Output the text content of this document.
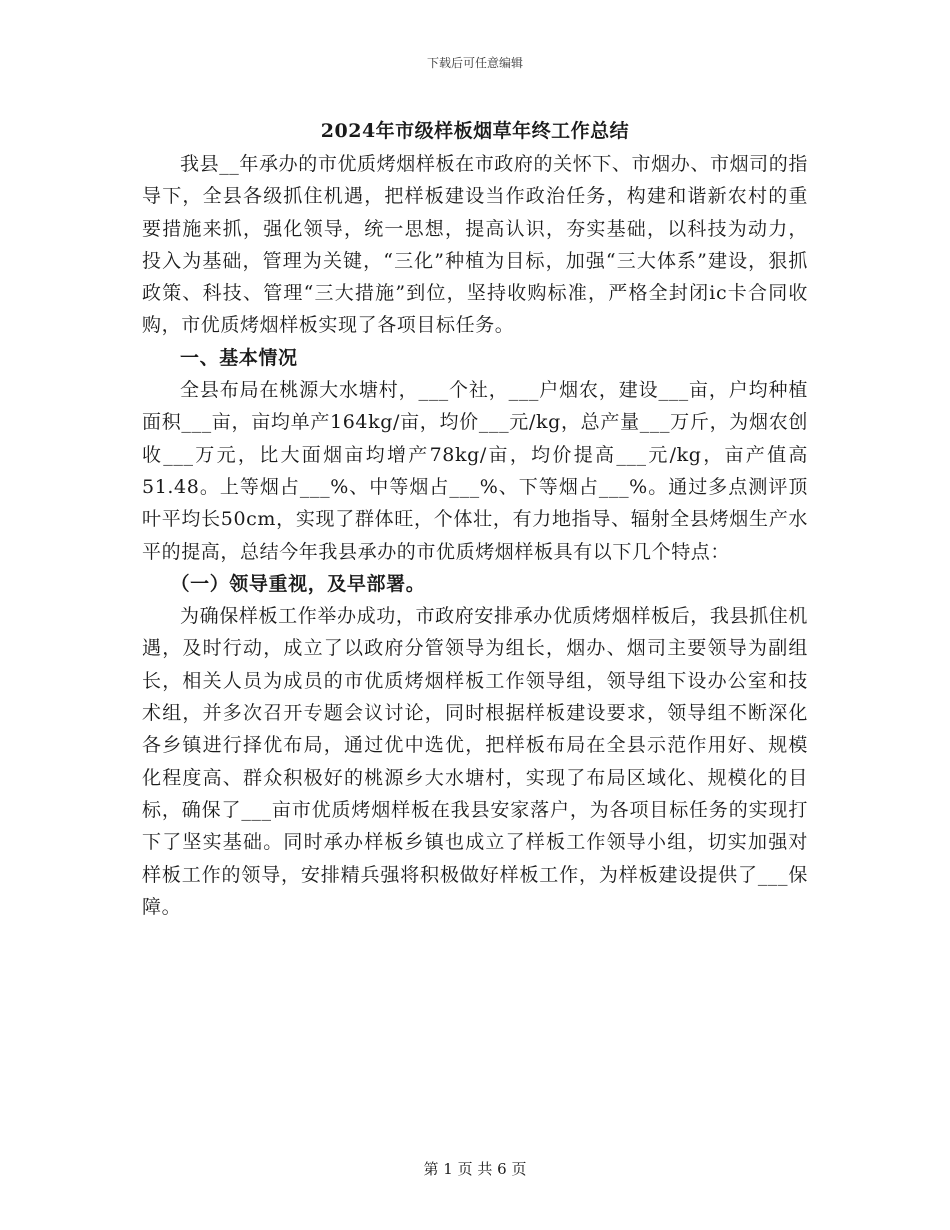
下载后可任意编辑
2024年市级样板烟草年终工作总结

我县__年承办的市优质烤烟样板在市政府的关怀下、市烟办、市烟司的指导下，全县各级抓住机遇，把样板建设当作政治任务，构建和谐新农村的重要措施来抓，强化领导，统一思想，提高认识，夯实基础，以科技为动力，投入为基础，管理为关键，“三化”种植为目标，加强“三大体系”建设，狠抓政策、科技、管理“三大措施”到位，坚持收购标准，严格全封闭ic卡合同收购，市优质烤烟样板实现了各项目标任务。

一、基本情况

全县布局在桃源大水塘村，___个社，___户烟农，建设___亩，户均种植面积___亩，亩均单产164kg/亩，均价___元/kg，总产量___万斤，为烟农创收___万元，比大面烟亩均增产78kg/亩，均价提高___元/kg，亩产值高51.48。上等烟占___%、中等烟占___%、下等烟占___%。通过多点测评顶叶平均长50cm，实现了群体旺，个体壮，有力地指导、辐射全县烤烟生产水平的提高，总结今年我县承办的市优质烤烟样板具有以下几个特点：

（一）领导重视，及早部署。

为确保样板工作举办成功，市政府安排承办优质烤烟样板后，我县抓住机遇，及时行动，成立了以政府分管领导为组长，烟办、烟司主要领导为副组长，相关人员为成员的市优质烤烟样板工作领导组，领导组下设办公室和技术组，并多次召开专题会议讨论，同时根据样板建设要求，领导组不断深化各乡镇进行择优布局，通过优中选优，把样板布局在全县示范作用好、规模化程度高、群众积极好的桃源乡大水塘村，实现了布局区域化、规模化的目标，确保了___亩市优质烤烟样板在我县安家落户，为各项目标任务的实现打下了坚实基础。同时承办样板乡镇也成立了样板工作领导小组，切实加强对样板工作的领导，安排精兵强将积极做好样板工作，为样板建设提供了___保障。

第 1 页 共 6 页
